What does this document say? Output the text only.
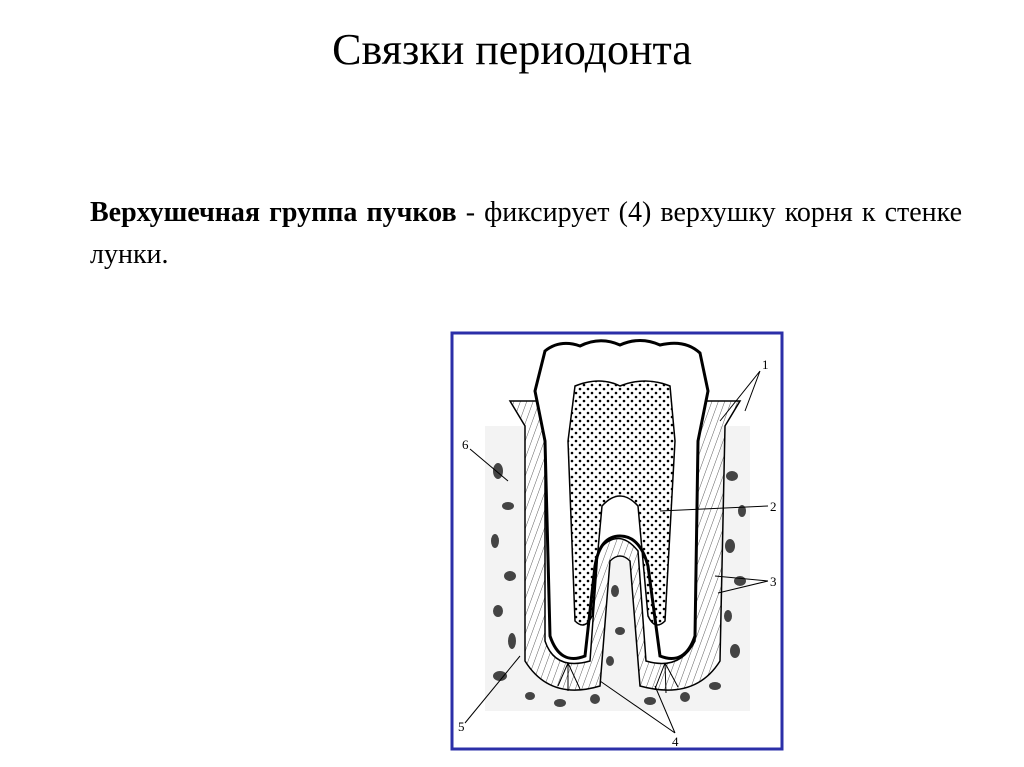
Связки периодонта
Верхушечная группа пучков - фиксирует (4) верхушку корня к стенке лунки.
1
2
3
4
5
6
